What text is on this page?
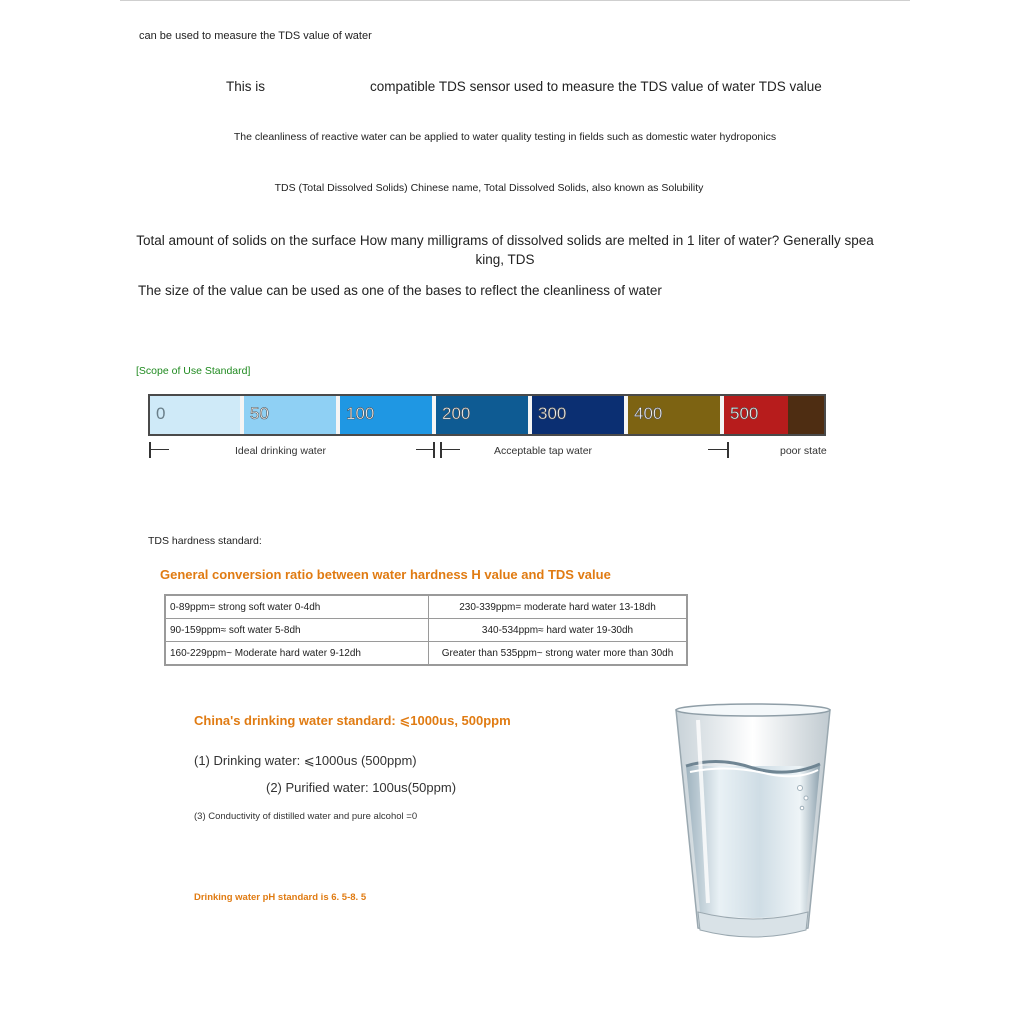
can be used to measure the TDS value of water
This is                            compatible TDS sensor used to measure the TDS value of water TDS value
The cleanliness of reactive water can be applied to water quality testing in fields such as domestic water hydroponics
TDS (Total Dissolved Solids) Chinese name, Total Dissolved Solids, also known as Solubility
Total amount of solids on the surface How many milligrams of dissolved solids are melted in 1 liter of water? Generally spea king, TDS
The size of the value can be used as one of the bases to reflect the cleanliness of water
[Scope of Use Standard]
0	50	100	200	300	400	500
Ideal drinking water	Acceptable tap water	poor state
TDS hardness standard:
General conversion ratio between water hardness H value and TDS value
0-89ppm= strong soft water 0-4dh	230-339ppm= moderate hard water 13-18dh
90-159ppm≈ soft water 5-8dh	340-534ppm≈ hard water 19-30dh
160-229ppm~ Moderate hard water 9-12dh	Greater than 535ppm~ strong water more than 30dh
China's drinking water standard: ⩽1000us, 500ppm
(1) Drinking water: ⩽1000us (500ppm)
(2) Purified water: 100us(50ppm)
(3) Conductivity of distilled water and pure alcohol =0
Drinking water pH standard is 6. 5-8. 5
